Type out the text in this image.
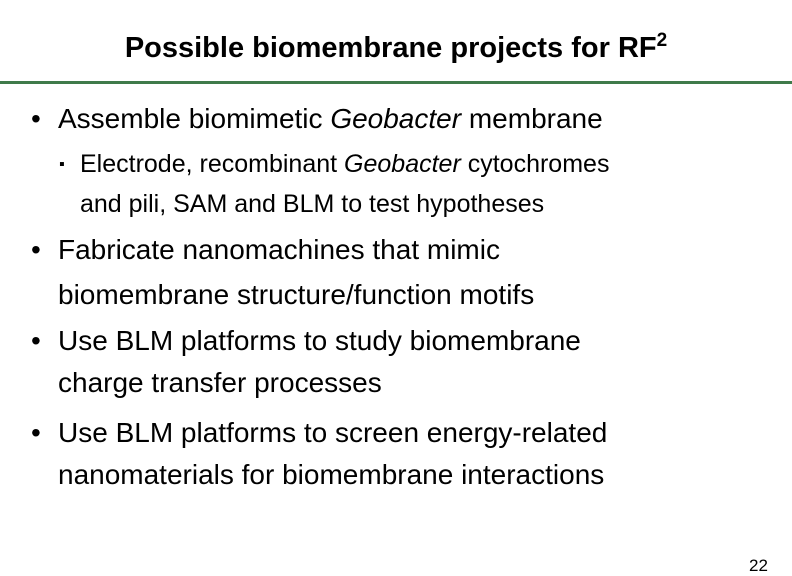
Possible biomembrane projects for $RF^2$
• Assemble biomimetic Geobacter membrane
▪ Electrode, recombinant Geobacter cytochromes
and pili, SAM and BLM to test hypotheses
• Fabricate nanomachines that mimic
biomembrane structure/function motifs
• Use BLM platforms to study biomembrane
charge transfer processes
• Use BLM platforms to screen energy-related
nanomaterials for biomembrane interactions
22
